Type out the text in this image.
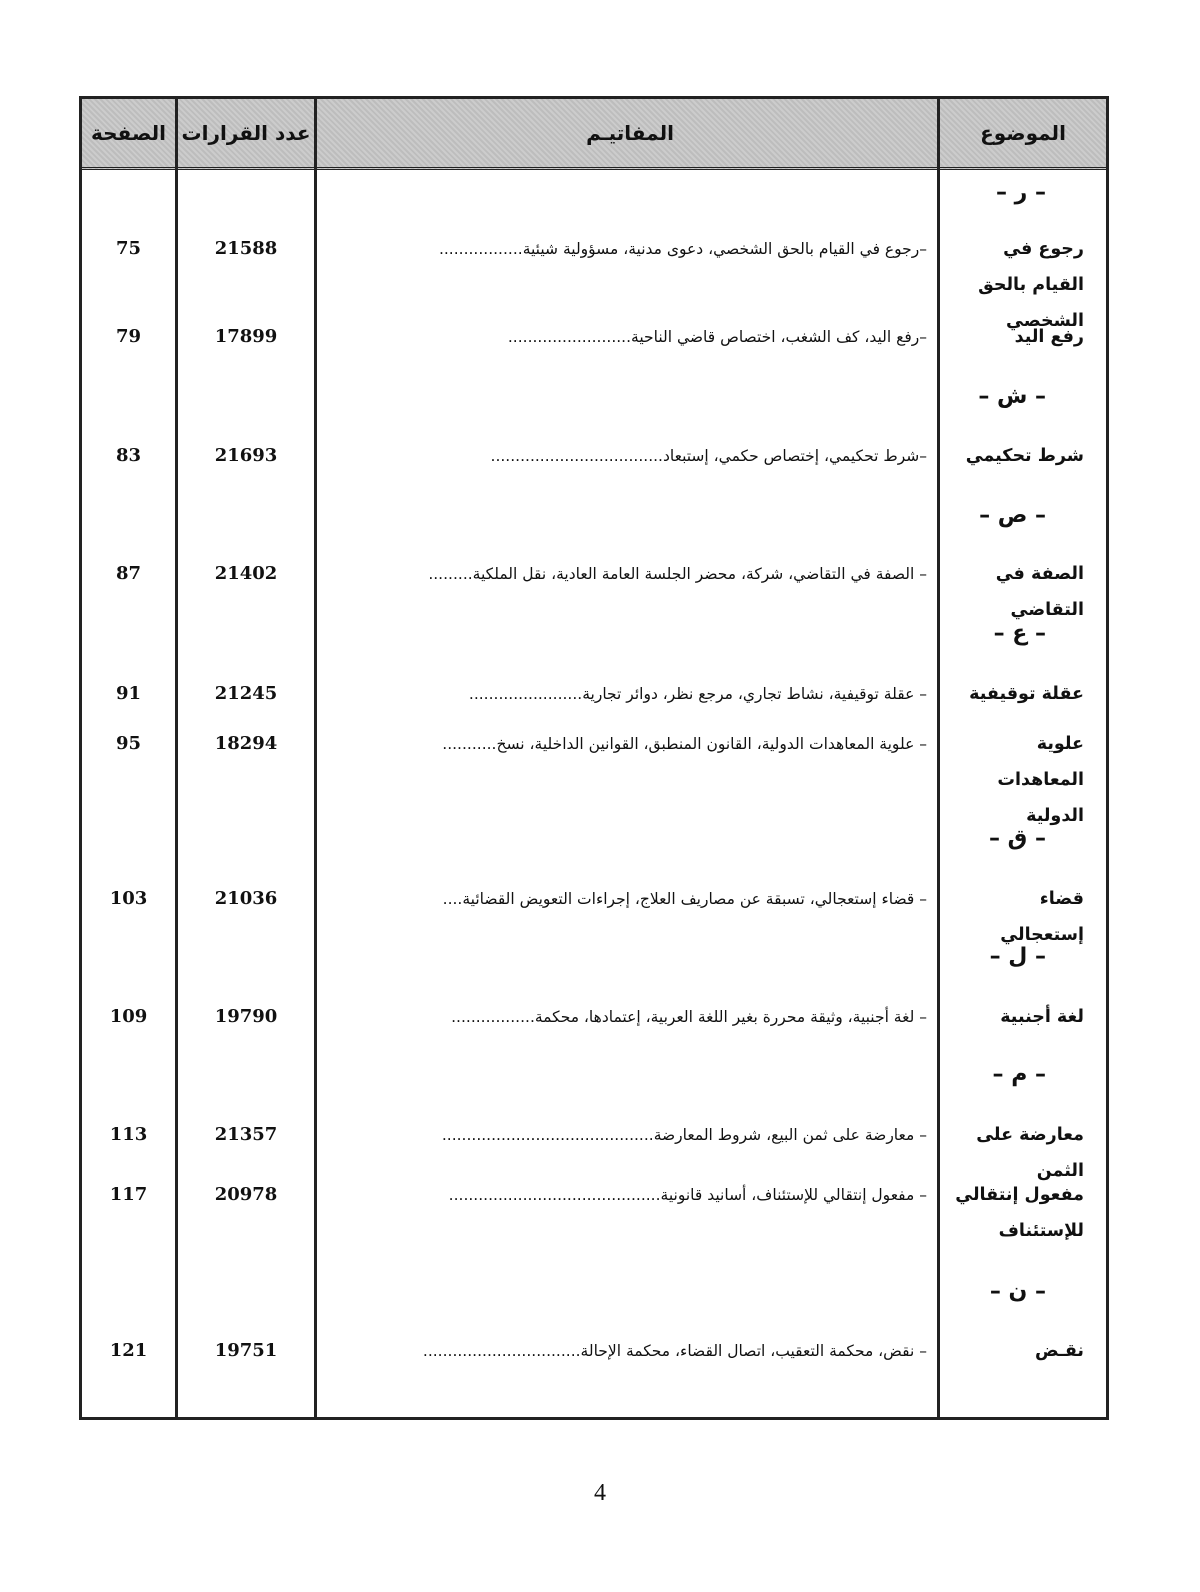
الموضوع
المفاتيـم
عدد القرارات
الصفحة
– ر –
رجوع في القيام بالحق الشخصي
–رجوع في القيام بالحق الشخصي، دعوى مدنية، مسؤولية شيئية.................
21588
75
رفع اليد
–رفع اليد، كف الشغب، اختصاص قاضي الناحية.........................
17899
79
– ش –
شرط تحكيمي
–شرط تحكيمي، إختصاص حكمي، إستبعاد...................................
21693
83
– ص –
الصفة في التقاضي
– الصفة في التقاضي، شركة، محضر الجلسة العامة العادية، نقل الملكية.........
21402
87
– ع –
عقلة توقيفية
– عقلة توقيفية، نشاط تجاري، مرجع نظر، دوائر تجارية.......................
21245
91
علوية المعاهدات الدولية
– علوية المعاهدات الدولية، القانون المنطبق، القوانين الداخلية، نسخ...........
18294
95
– ق –
قضاء إستعجالي
– قضاء إستعجالي، تسبقة عن مصاريف العلاج، إجراءات التعويض القضائية....
21036
103
– ل –
لغة أجنبية
– لغة أجنبية، وثيقة محررة بغير اللغة العربية، إعتمادها، محكمة.................
19790
109
– م –
معارضة على الثمن
– معارضة على ثمن البيع، شروط المعارضة...........................................
21357
113
مفعول إنتقالي للإستئناف
– مفعول إنتقالي للإستئناف، أسانيد قانونية...........................................
20978
117
– ن –
نقـض
– نقض، محكمة التعقيب، اتصال القضاء، محكمة الإحالة................................
19751
121
4
